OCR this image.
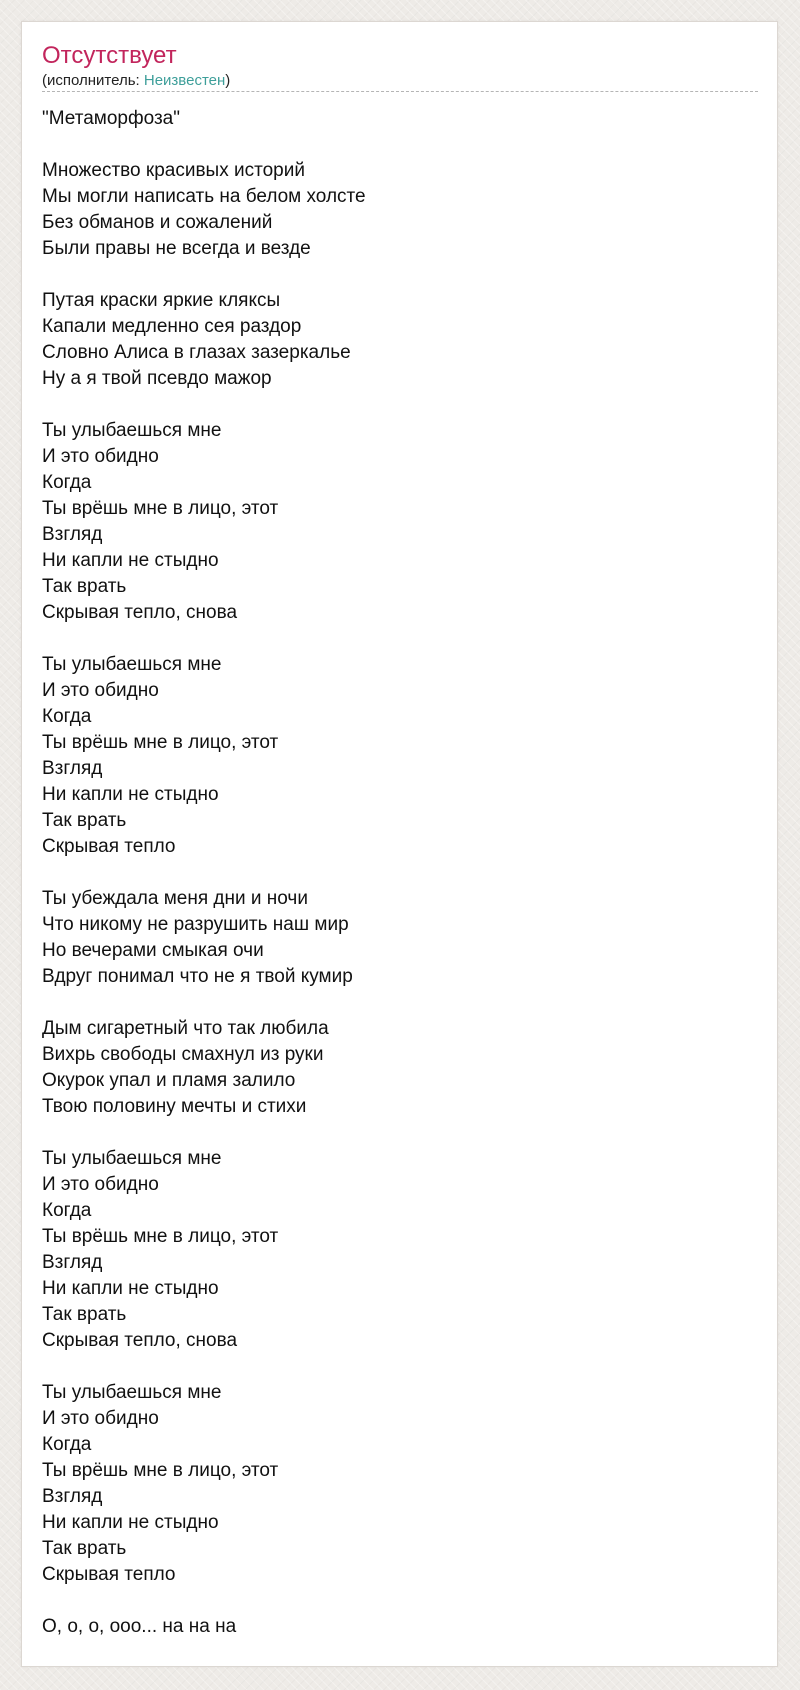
Отсутствует
(исполнитель: Неизвестен)
"Метаморфоза"

Множество красивых историй
Мы могли написать на белом холсте
Без обманов и сожалений
Были правы не всегда и везде

Путая краски яркие кляксы
Капали медленно сея раздор
Словно Алиса в глазах зазеркалье
Ну а я твой псевдо мажор

Ты улыбаешься мне
И это обидно
Когда
Ты врёшь мне в лицо, этот
Взгляд
Ни капли не стыдно
Так врать
Скрывая тепло, снова

Ты улыбаешься мне
И это обидно
Когда
Ты врёшь мне в лицо, этот
Взгляд
Ни капли не стыдно
Так врать
Скрывая тепло

Ты убеждала меня дни и ночи
Что никому не разрушить наш мир
Но вечерами смыкая очи
Вдруг понимал что не я твой кумир

Дым сигаретный что так любила
Вихрь свободы смахнул из руки
Окурок упал и пламя залило
Твою половину мечты и стихи

Ты улыбаешься мне
И это обидно
Когда
Ты врёшь мне в лицо, этот
Взгляд
Ни капли не стыдно
Так врать
Скрывая тепло, снова

Ты улыбаешься мне
И это обидно
Когда
Ты врёшь мне в лицо, этот
Взгляд
Ни капли не стыдно
Так врать
Скрывая тепло

О, о, о, ооо... на на на
